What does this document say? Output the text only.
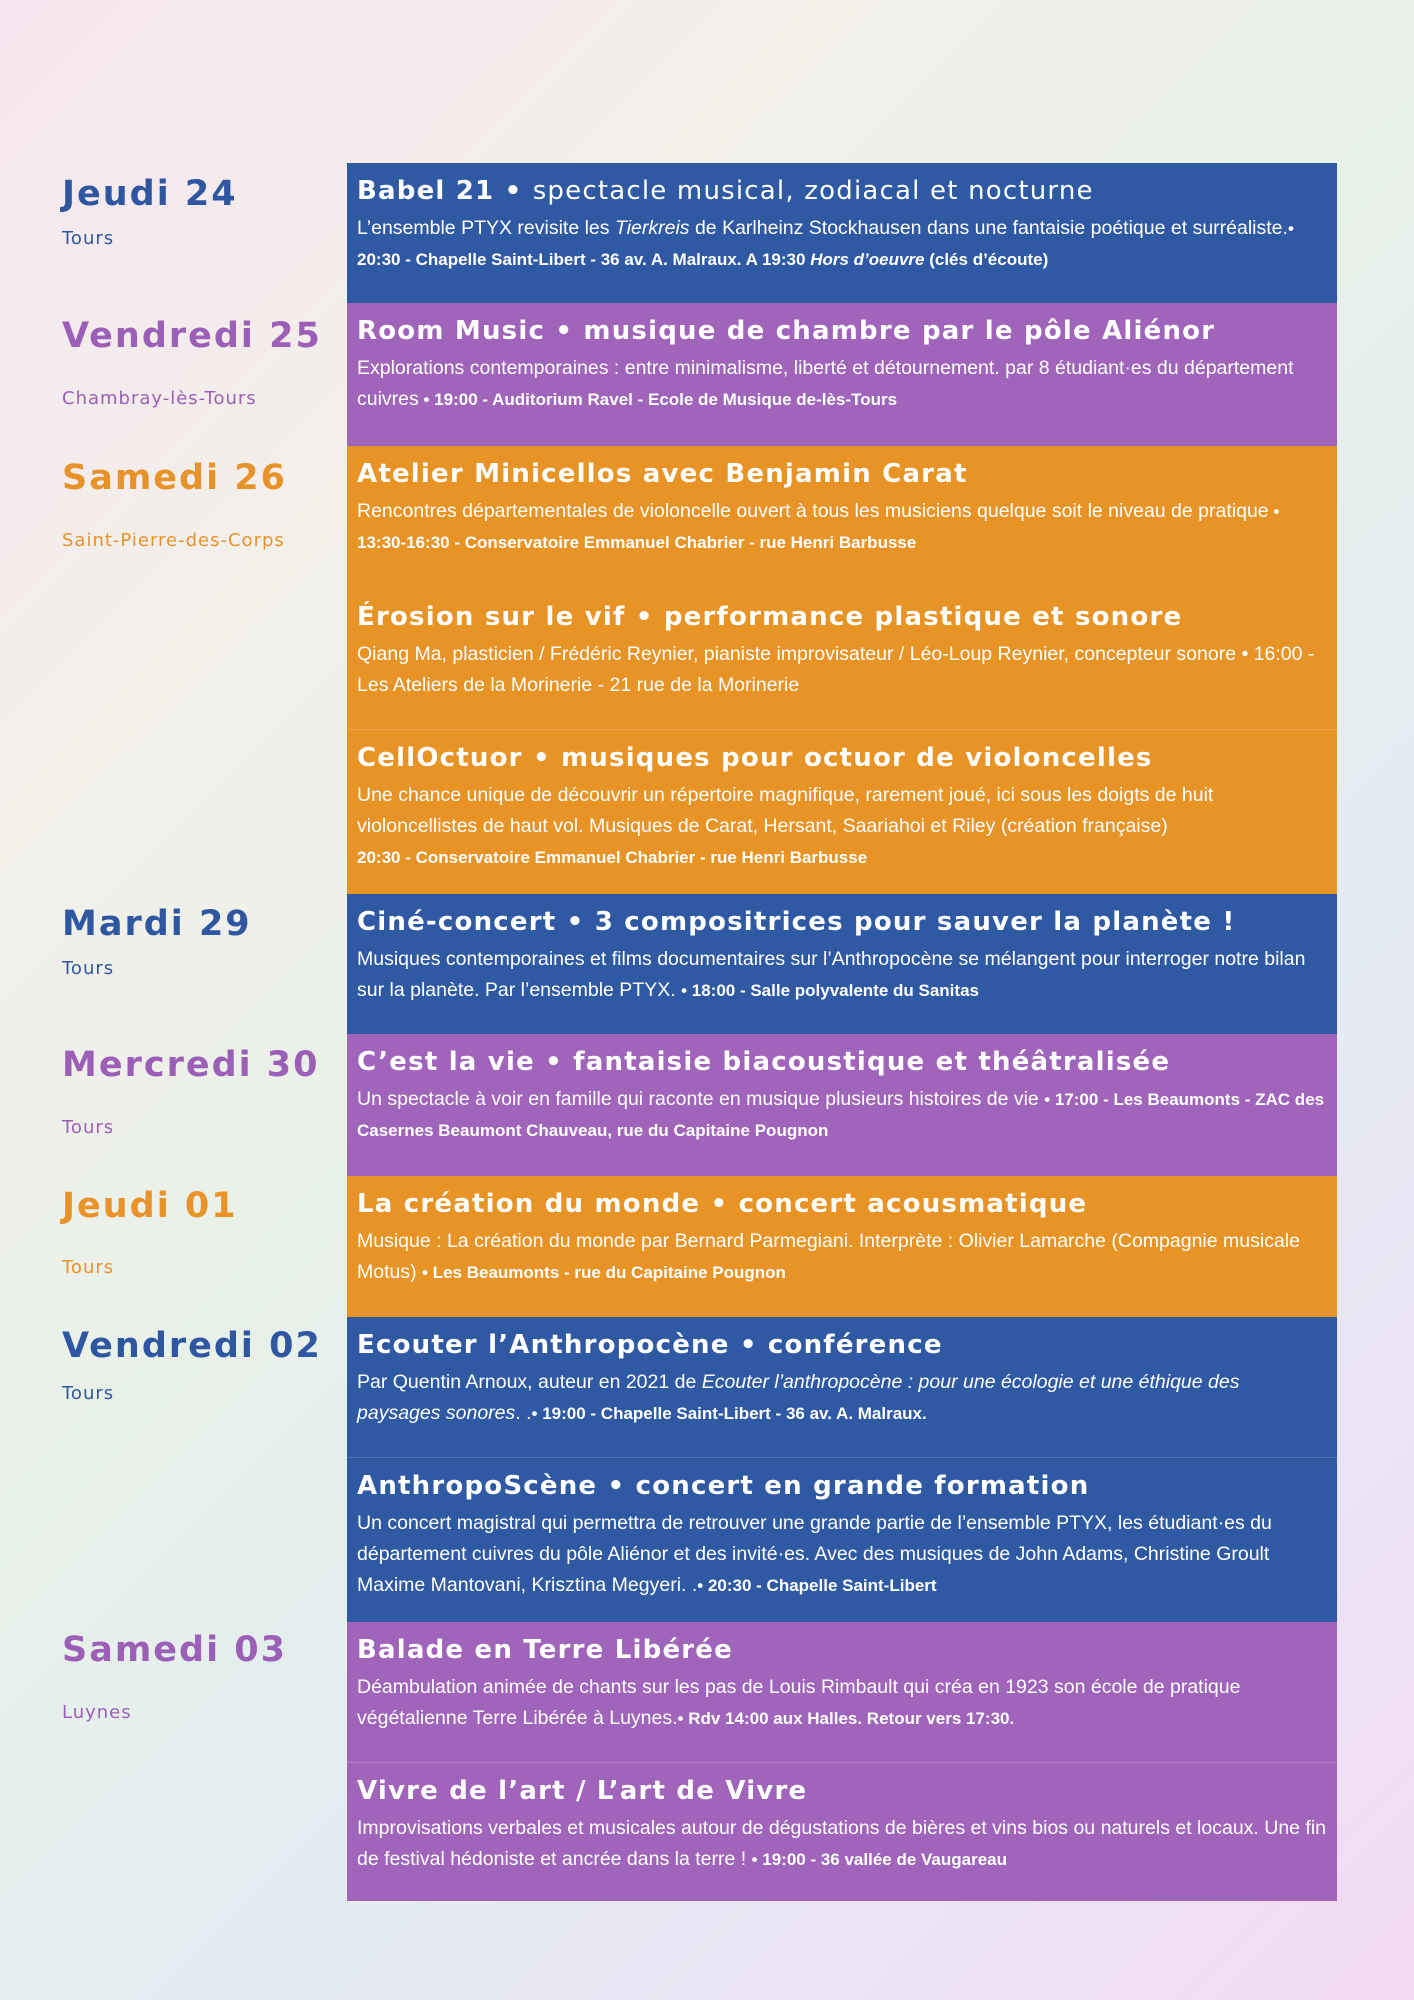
Jeudi 24
Tours
Vendredi 25
Chambray-lès-Tours
Samedi 26
Saint-Pierre-des-Corps
Mardi 29
Tours
Mercredi 30
Tours
Jeudi 01
Tours
Vendredi 02
Tours
Samedi 03
Luynes
Babel 21 • spectacle musical, zodiacal et nocturne
L’ensemble PTYX revisite les Tierkreis de Karlheinz Stockhausen dans une fantaisie poétique et surréaliste.• 20:30 - Chapelle Saint-Libert - 36 av. A. Malraux. A 19:30 Hors d’oeuvre (clés d’écoute)
Room Music • musique de chambre par le pôle Aliénor
Explorations contemporaines : entre minimalisme, liberté et détournement. par 8 étudiant·es du département cuivres • 19:00 - Auditorium Ravel - Ecole de Musique de-lès-Tours
Atelier Minicellos avec Benjamin Carat
Rencontres départementales de violoncelle ouvert à tous les musiciens quelque soit le niveau de pratique • 13:30-16:30 - Conservatoire Emmanuel Chabrier - rue Henri Barbusse
Érosion sur le vif • performance plastique et sonore
Qiang Ma, plasticien / Frédéric Reynier, pianiste improvisateur / Léo-Loup Reynier, concepteur sonore • 16:00 - Les Ateliers de la Morinerie - 21 rue de la Morinerie
CellOctuor • musiques pour octuor de violoncelles
Une chance unique de découvrir un répertoire magnifique, rarement joué, ici sous les doigts de huit violoncellistes de haut vol. Musiques de Carat, Hersant, Saariahoi et Riley (création française)
20:30 - Conservatoire Emmanuel Chabrier - rue Henri Barbusse
Ciné-concert • 3 compositrices pour sauver la planète !
Musiques contemporaines et films documentaires sur l’Anthropocène se mélangent pour interroger notre bilan sur la planète. Par l’ensemble PTYX. • 18:00 - Salle polyvalente du Sanitas
C’est la vie • fantaisie biacoustique et théâtralisée
Un spectacle à voir en famille qui raconte en musique plusieurs histoires de vie • 17:00 - Les Beaumonts - ZAC des Casernes Beaumont Chauveau, rue du Capitaine Pougnon
La création du monde • concert acousmatique
Musique : La création du monde par Bernard Parmegiani. Interprète : Olivier Lamarche (Compagnie musicale Motus) • Les Beaumonts - rue du Capitaine Pougnon
Ecouter l’Anthropocène • conférence
Par Quentin Arnoux, auteur en 2021 de Ecouter l’anthropocène : pour une écologie et une éthique des paysages sonores. .• 19:00 - Chapelle Saint-Libert - 36 av. A. Malraux.
AnthropoScène • concert en grande formation
Un concert magistral qui permettra de retrouver une grande partie de l’ensemble PTYX, les étudiant·es du département cuivres du pôle Aliénor et des invité·es. Avec des musiques de John Adams, Christine Groult Maxime Mantovani, Krisztina Megyeri. .• 20:30 - Chapelle Saint-Libert
Balade en Terre Libérée
Déambulation animée de chants sur les pas de Louis Rimbault qui créa en 1923 son école de pratique végétalienne Terre Libérée à Luynes.• Rdv 14:00 aux Halles. Retour vers 17:30.
Vivre de l’art / L’art de Vivre
Improvisations verbales et musicales autour de dégustations de bières et vins bios ou naturels et locaux. Une fin de festival hédoniste et ancrée dans la terre ! • 19:00 - 36 vallée de Vaugareau
